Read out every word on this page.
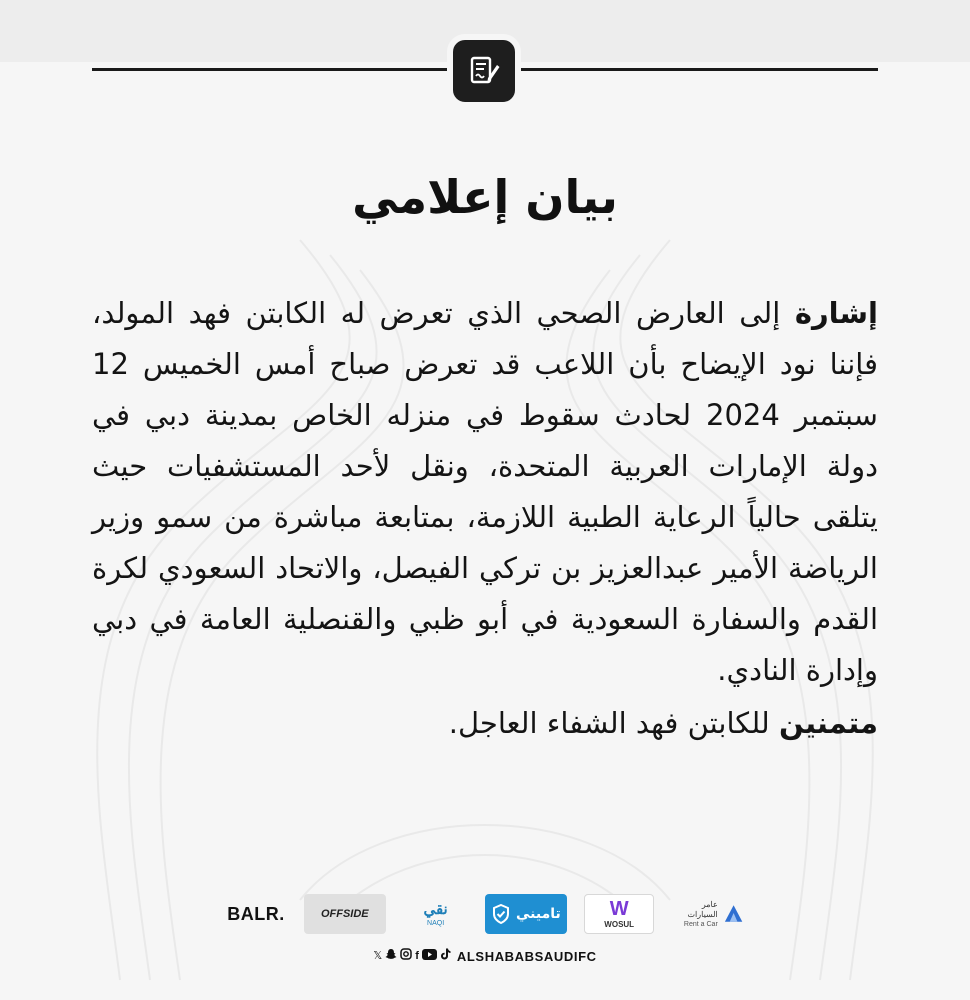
بيان إعلامي
إشارة إلى العارض الصحي الذي تعرض له الكابتن فهد المولد، فإننا نود الإيضاح بأن اللاعب قد تعرض صباح أمس الخميس 12 سبتمبر 2024 لحادث سقوط في منزله الخاص بمدينة دبي في دولة الإمارات العربية المتحدة، ونقل لأحد المستشفيات حيث يتلقى حالياً الرعاية الطبية اللازمة، بمتابعة مباشرة من سمو وزير الرياضة الأمير عبدالعزيز بن تركي الفيصل، والاتحاد السعودي لكرة القدم والسفارة السعودية في أبو ظبي والقنصلية العامة في دبي وإدارة النادي.
متمنين للكابتن فهد الشفاء العاجل.
BALR.	OFFSIDE	نقي
NAQI
تاميني W
WOSUL
عامر السيارات
Rent a Car
𝕏	f	ALSHABABSAUDIFC
